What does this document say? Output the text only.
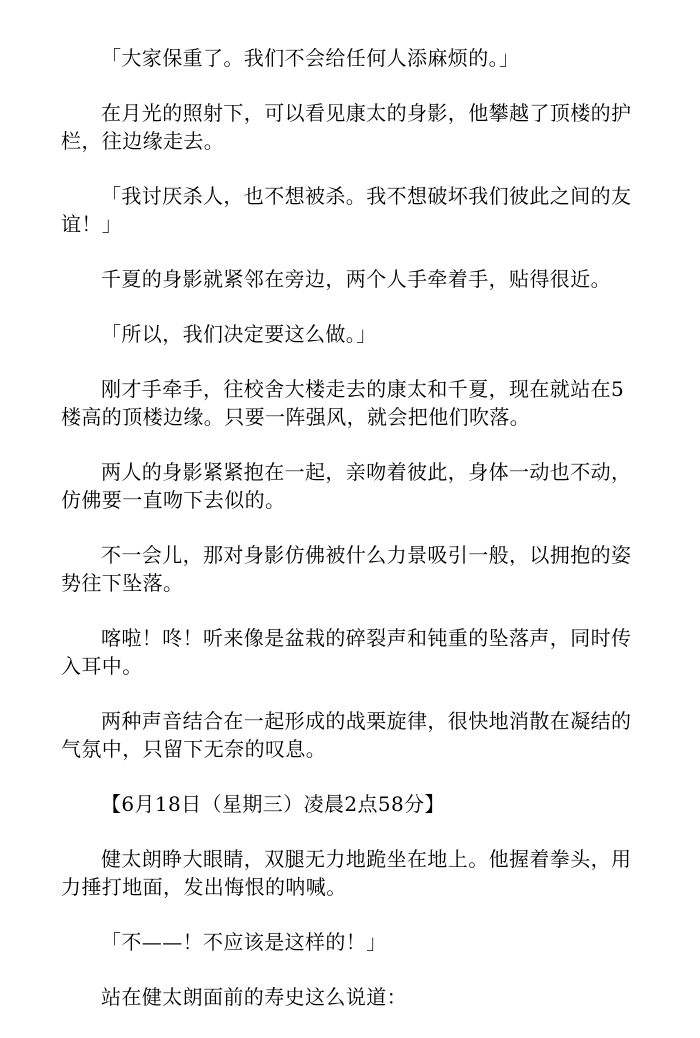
「大家保重了。我们不会给任何人添麻烦的。」

在月光的照射下，可以看见康太的身影，他攀越了顶楼的护栏，往边缘走去。

「我讨厌杀人，也不想被杀。我不想破坏我们彼此之间的友谊！」

千夏的身影就紧邻在旁边，两个人手牵着手，贴得很近。

「所以，我们决定要这么做。」

刚才手牵手，往校舍大楼走去的康太和千夏，现在就站在5楼高的顶楼边缘。只要一阵强风，就会把他们吹落。

两人的身影紧紧抱在一起，亲吻着彼此，身体一动也不动，仿佛要一直吻下去似的。

不一会儿，那对身影仿佛被什么力景吸引一般，以拥抱的姿势往下坠落。

喀啦！咚！听来像是盆栽的碎裂声和钝重的坠落声，同时传入耳中。

两种声音结合在一起形成的战栗旋律，很快地消散在凝结的气氛中，只留下无奈的叹息。

【6月18日（星期三）凌晨2点58分】

健太朗睁大眼睛，双腿无力地跪坐在地上。他握着拳头，用力捶打地面，发出悔恨的呐喊。

「不——！不应该是这样的！」

站在健太朗面前的寿史这么说道：
